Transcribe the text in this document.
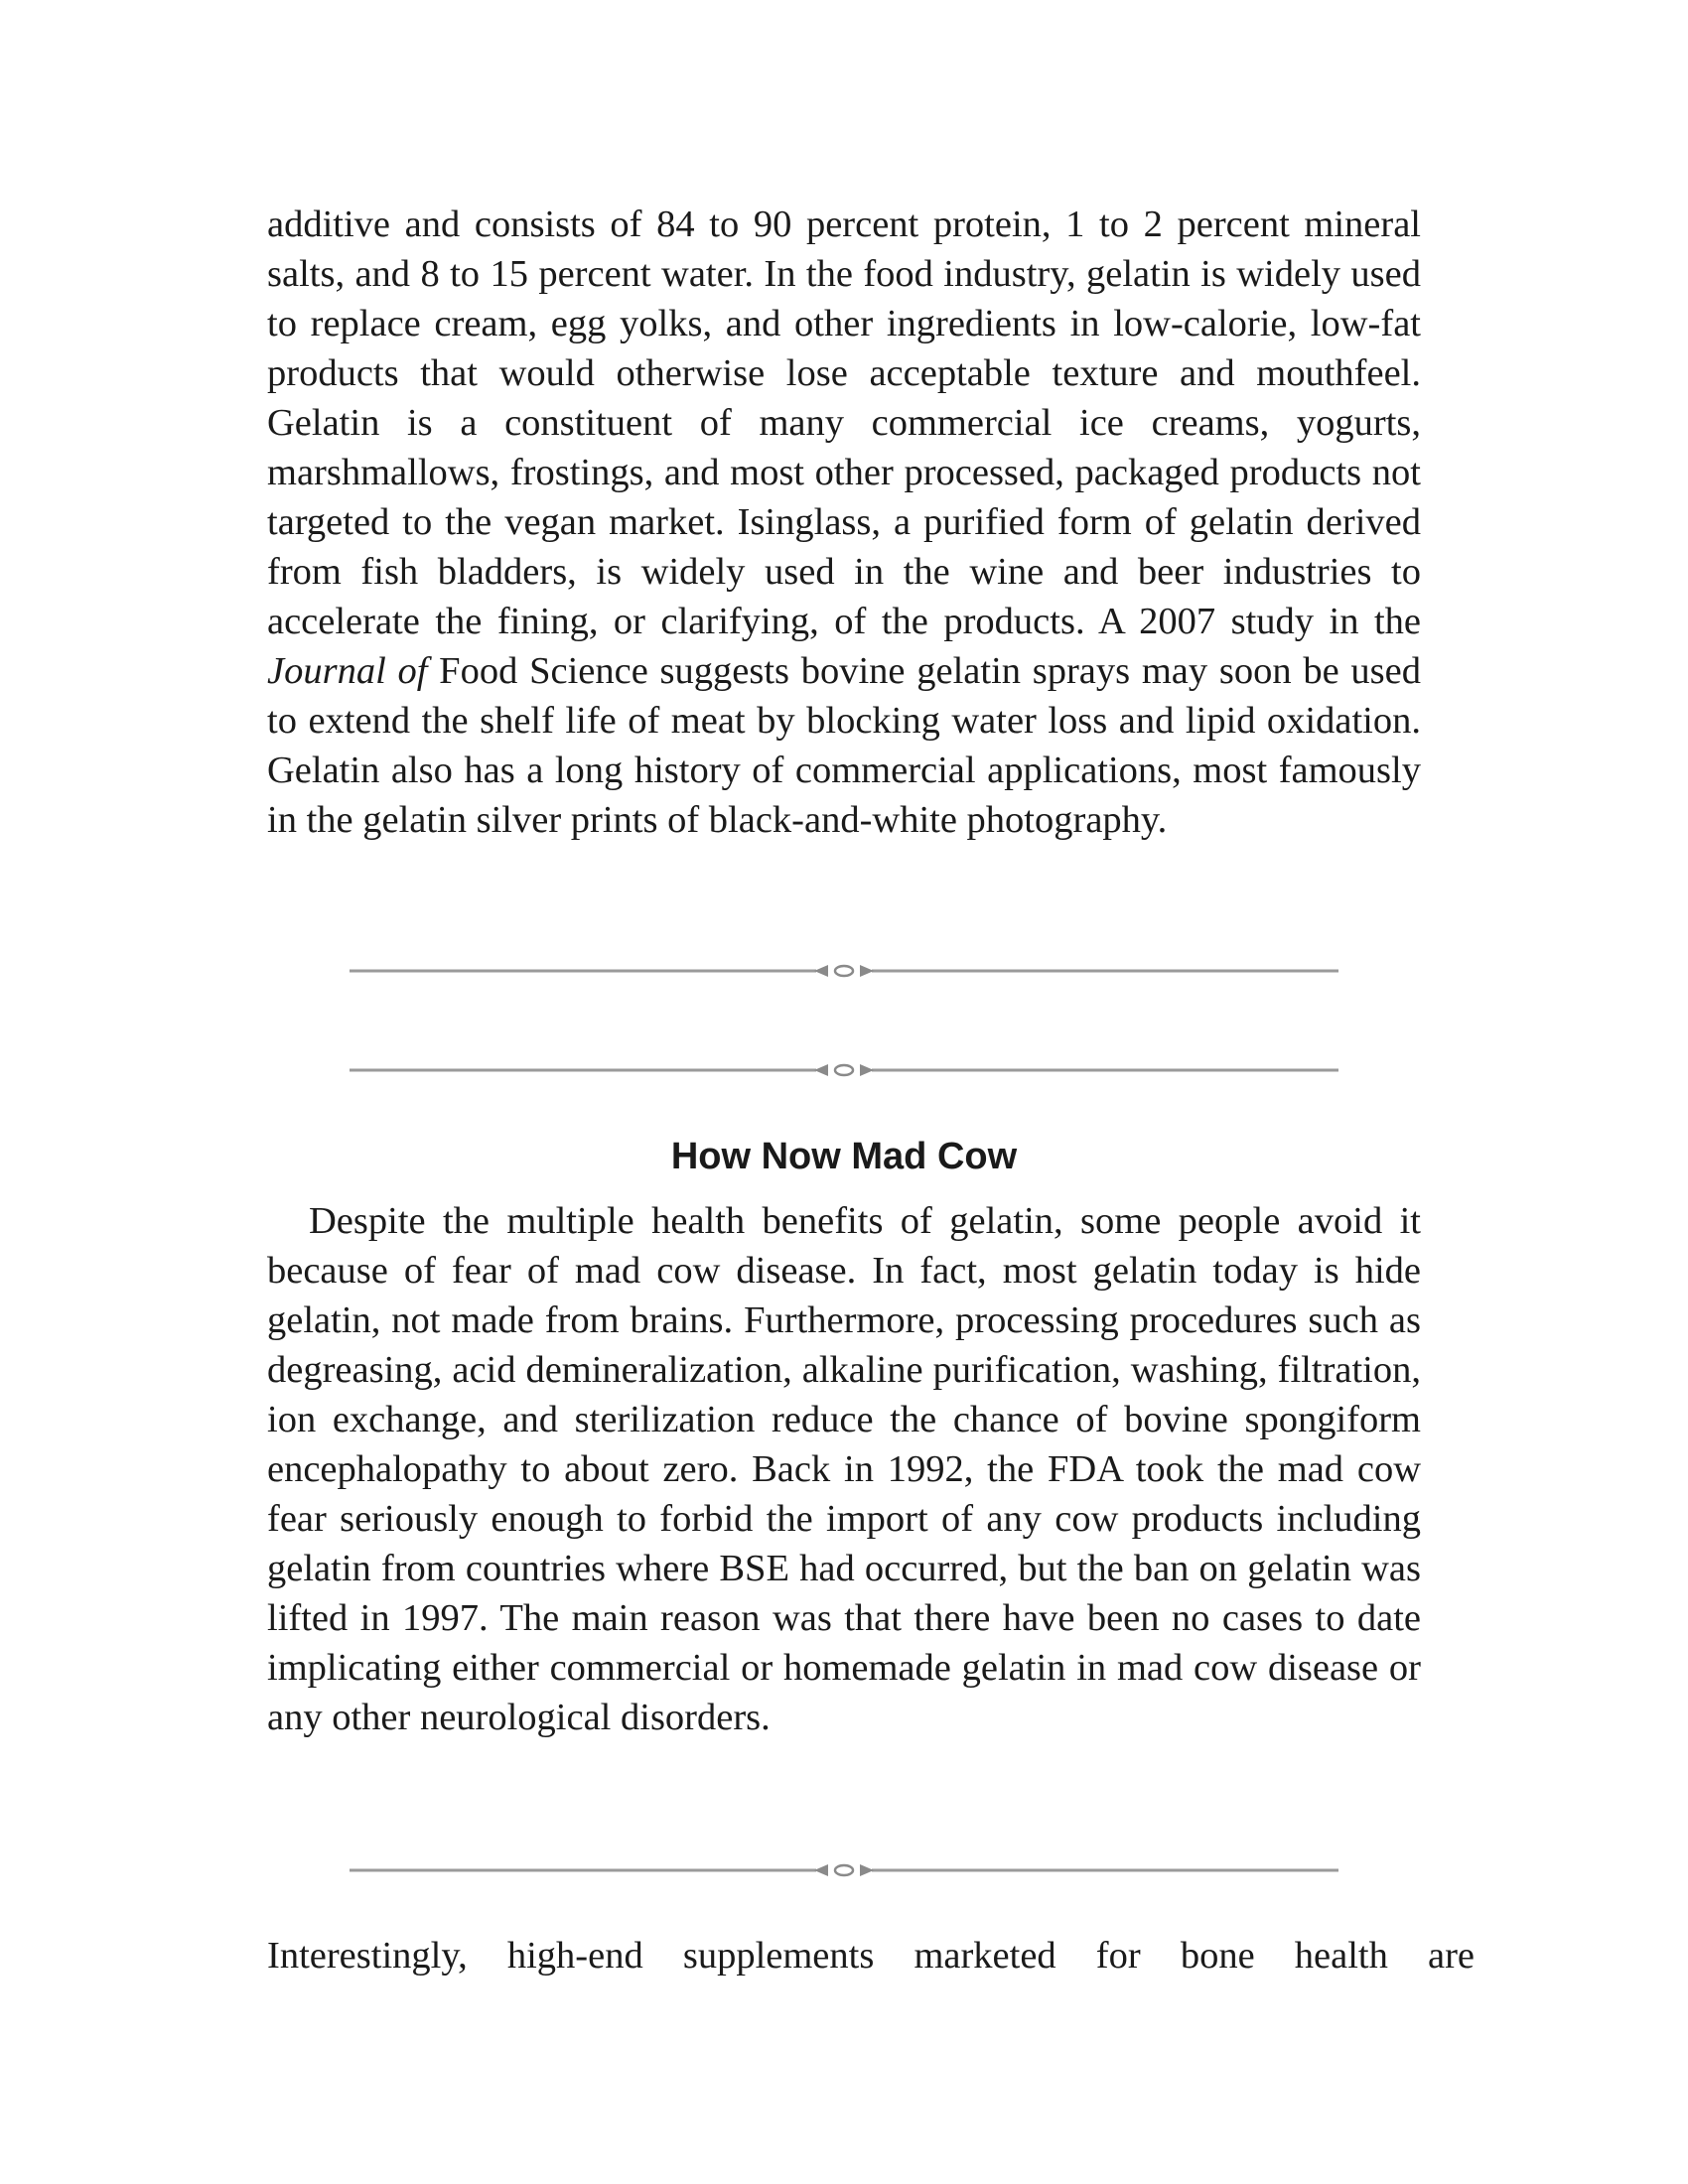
additive and consists of 84 to 90 percent protein, 1 to 2 percent mineral salts, and 8 to 15 percent water. In the food industry, gelatin is widely used to replace cream, egg yolks, and other ingredients in low-calorie, low-fat products that would otherwise lose acceptable texture and mouthfeel. Gelatin is a constituent of many commercial ice creams, yogurts, marshmallows, frostings, and most other processed, packaged products not targeted to the vegan market. Isinglass, a purified form of gelatin derived from fish bladders, is widely used in the wine and beer industries to accelerate the fining, or clarifying, of the products. A 2007 study in the Journal of Food Science suggests bovine gelatin sprays may soon be used to extend the shelf life of meat by blocking water loss and lipid oxidation. Gelatin also has a long history of commercial applications, most famously in the gelatin silver prints of black-and-white photography.

How Now Mad Cow

Despite the multiple health benefits of gelatin, some people avoid it because of fear of mad cow disease. In fact, most gelatin today is hide gelatin, not made from brains. Furthermore, processing procedures such as degreasing, acid demineralization, alkaline purification, washing, filtration, ion exchange, and sterilization reduce the chance of bovine spongiform encephalopathy to about zero. Back in 1992, the FDA took the mad cow fear seriously enough to forbid the import of any cow products including gelatin from countries where BSE had occurred, but the ban on gelatin was lifted in 1997. The main reason was that there have been no cases to date implicating either commercial or homemade gelatin in mad cow disease or any other neurological disorders.

Interestingly, high-end supplements marketed for bone health are
